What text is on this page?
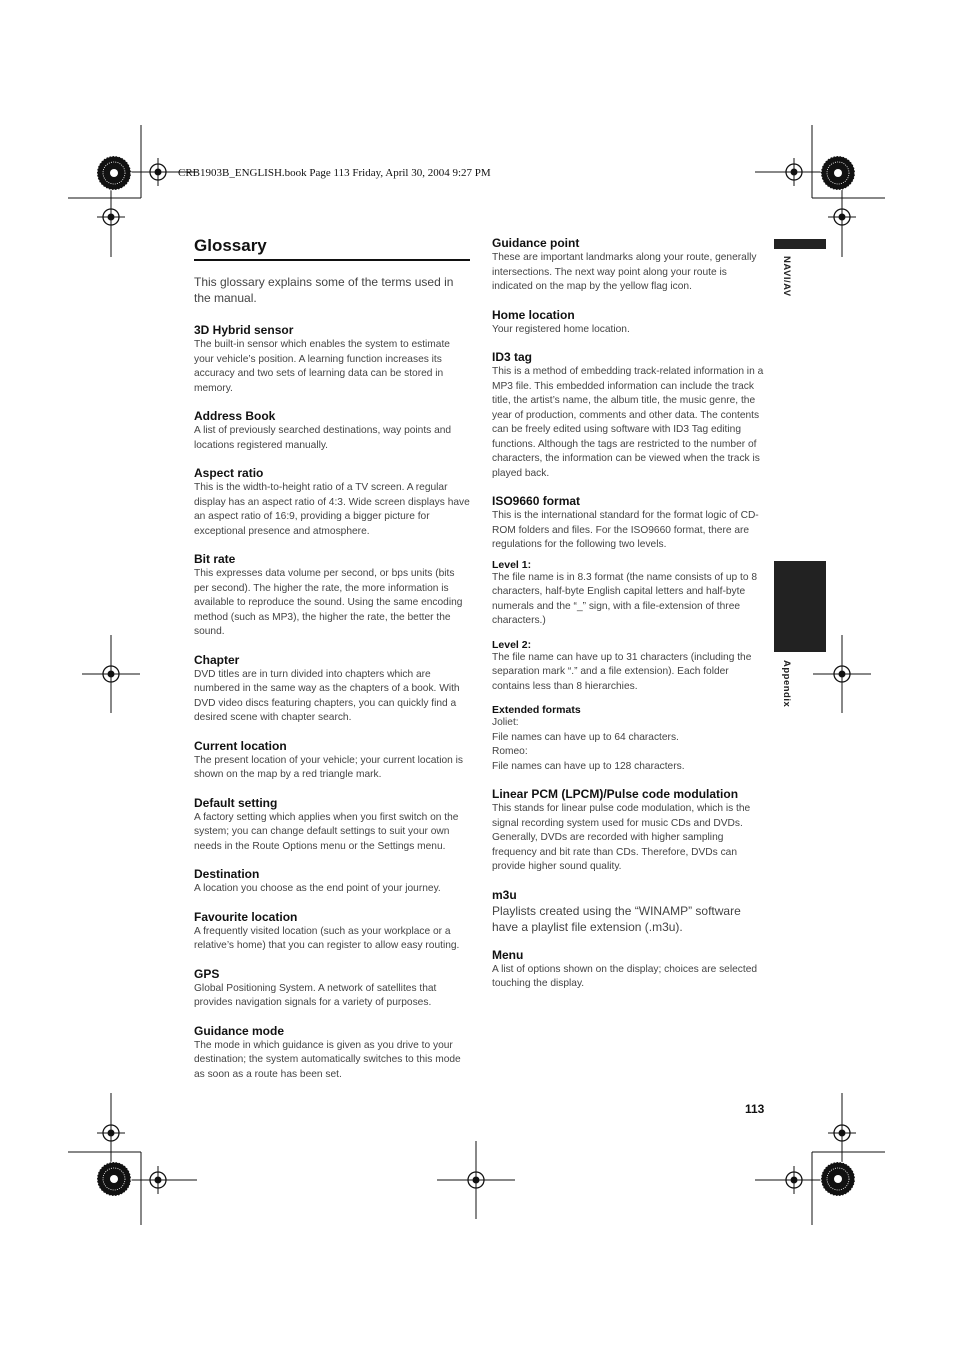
CRB1903B_ENGLISH.book Page 113 Friday, April 30, 2004 9:27 PM
NAVI/AV
Appendix
Glossary

This glossary explains some of the terms used in the manual.

3D Hybrid sensor

The built-in sensor which enables the system to estimate your vehicle’s position. A learning function increases its accuracy and two sets of learning data can be stored in memory.

Address Book

A list of previously searched destinations, way points and locations registered manually.

Aspect ratio

This is the width-to-height ratio of a TV screen. A regular display has an aspect ratio of 4:3. Wide screen displays have an aspect ratio of 16:9, providing a bigger picture for exceptional presence and atmosphere.

Bit rate

This expresses data volume per second, or bps units (bits per second). The higher the rate, the more information is available to reproduce the sound. Using the same encoding method (such as MP3), the higher the rate, the better the sound.

Chapter

DVD titles are in turn divided into chapters which are numbered in the same way as the chapters of a book. With DVD video discs featuring chapters, you can quickly find a desired scene with chapter search.

Current location

The present location of your vehicle; your current location is shown on the map by a red triangle mark.

Default setting

A factory setting which applies when you first switch on the system; you can change default settings to suit your own needs in the Route Options menu or the Settings menu.

Destination

A location you choose as the end point of your journey.

Favourite location

A frequently visited location (such as your workplace or a relative’s home) that you can register to allow easy routing.

GPS

Global Positioning System. A network of satellites that provides navigation signals for a variety of purposes.

Guidance mode

The mode in which guidance is given as you drive to your destination; the system automatically switches to this mode as soon as a route has been set.

Guidance point

These are important landmarks along your route, generally intersections. The next way point along your route is indicated on the map by the yellow flag icon.

Home location

Your registered home location.

ID3 tag

This is a method of embedding track-related information in a MP3 file. This embedded information can include the track title, the artist’s name, the album title, the music genre, the year of production, comments and other data. The contents can be freely edited using software with ID3 Tag editing functions. Although the tags are restricted to the number of characters, the information can be viewed when the track is played back.

ISO9660 format

This is the international standard for the format logic of CD-ROM folders and files. For the ISO9660 format, there are regulations for the following two levels.

Level 1:

The file name is in 8.3 format (the name consists of up to 8 characters, half-byte English capital letters and half-byte numerals and the “_” sign, with a file-extension of three characters.)

Level 2:

The file name can have up to 31 characters (including the separation mark “.” and a file extension). Each folder contains less than 8 hierarchies.

Extended formats

Joliet:

File names can have up to 64 characters.

Romeo:

File names can have up to 128 characters.

Linear PCM (LPCM)/Pulse code modulation

This stands for linear pulse code modulation, which is the signal recording system used for music CDs and DVDs. Generally, DVDs are recorded with higher sampling frequency and bit rate than CDs. Therefore, DVDs can provide higher sound quality.

m3u

Playlists created using the “WINAMP” software have a playlist file extension (.m3u).

Menu

A list of options shown on the display; choices are selected touching the display.

113
